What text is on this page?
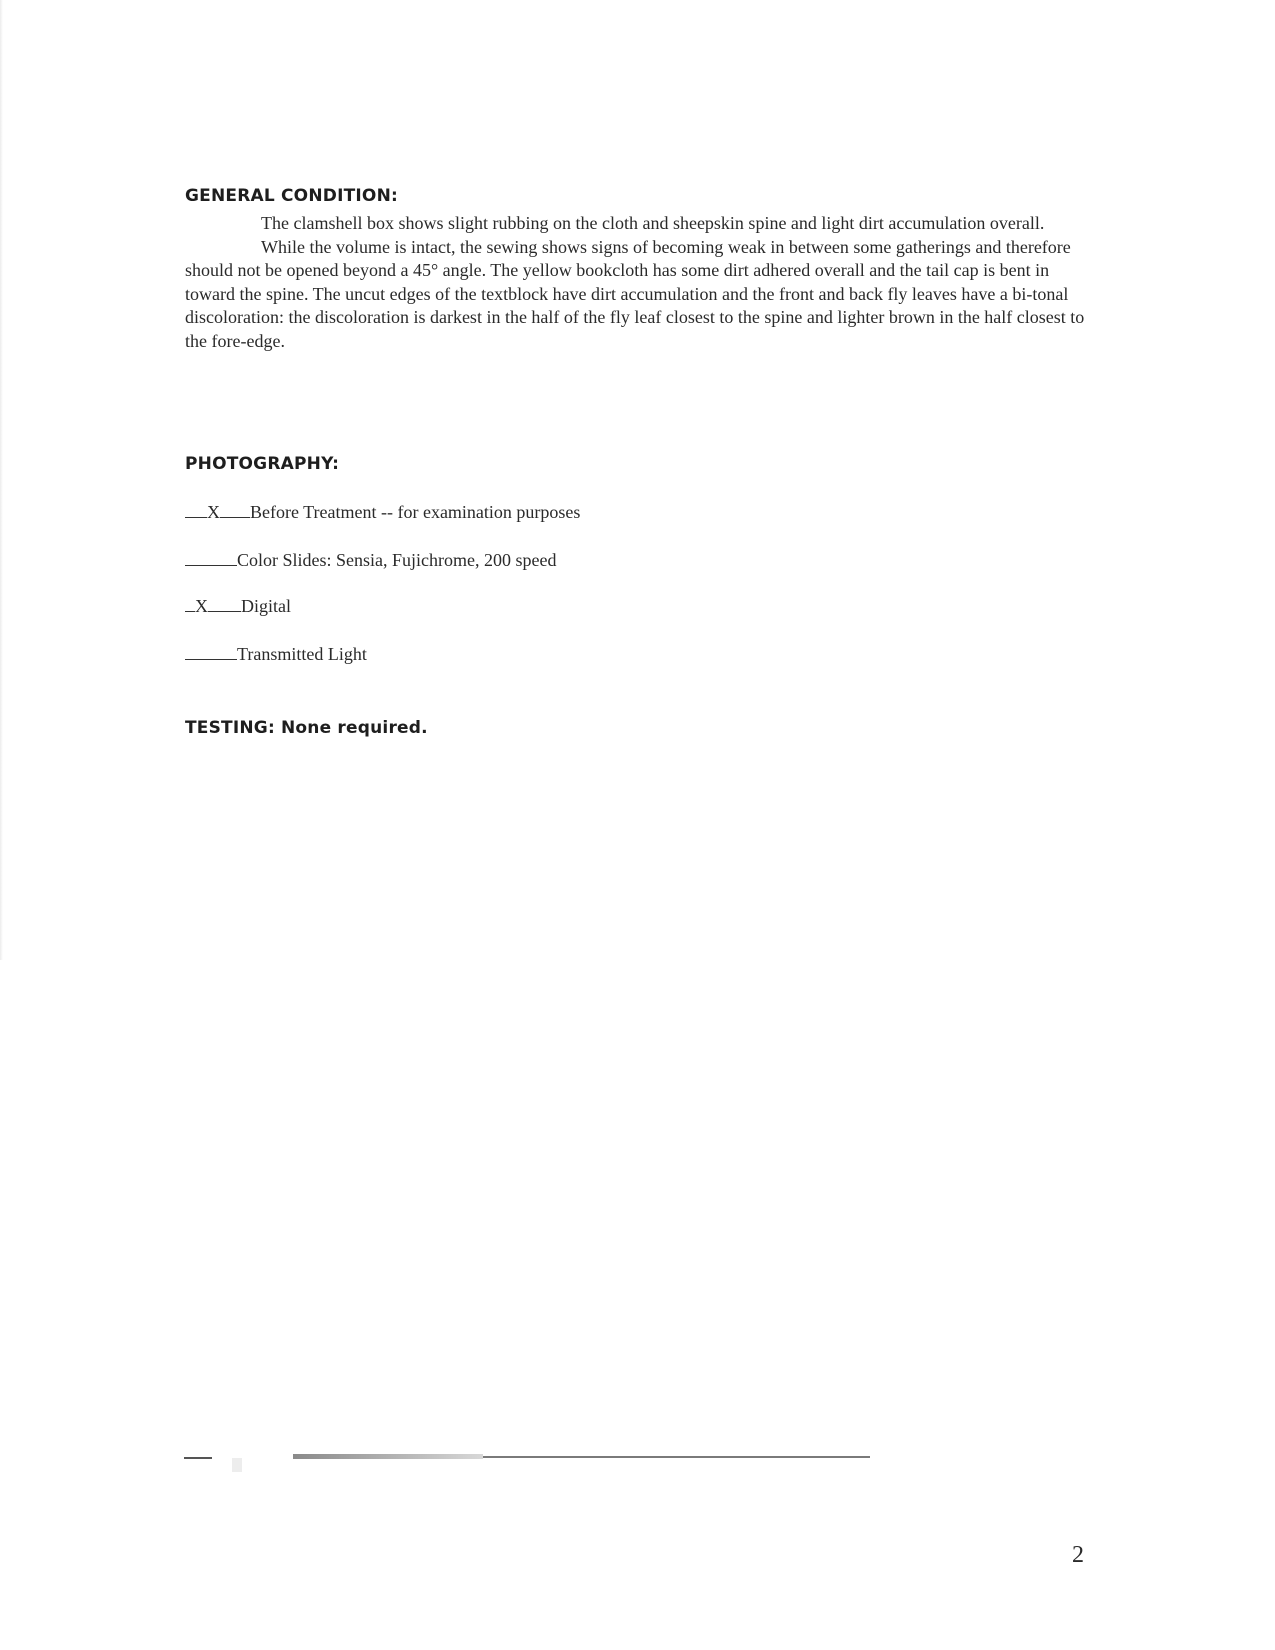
GENERAL CONDITION:

The clamshell box shows slight rubbing on the cloth and sheepskin spine and light dirt accumulation overall.

While the volume is intact, the sewing shows signs of becoming weak in between some gatherings and therefore should not be opened beyond a 45° angle. The yellow bookcloth has some dirt adhered overall and the tail cap is bent in toward the spine. The uncut edges of the textblock have dirt accumulation and the front and back fly leaves have a bi-tonal discoloration: the discoloration is darkest in the half of the fly leaf closest to the spine and lighter brown in the half closest to the fore-edge.

PHOTOGRAPHY:
X Before Treatment -- for examination purposes
Color Slides: Sensia, Fujichrome, 200 speed
X Digital
Transmitted Light
TESTING: None required.
2
